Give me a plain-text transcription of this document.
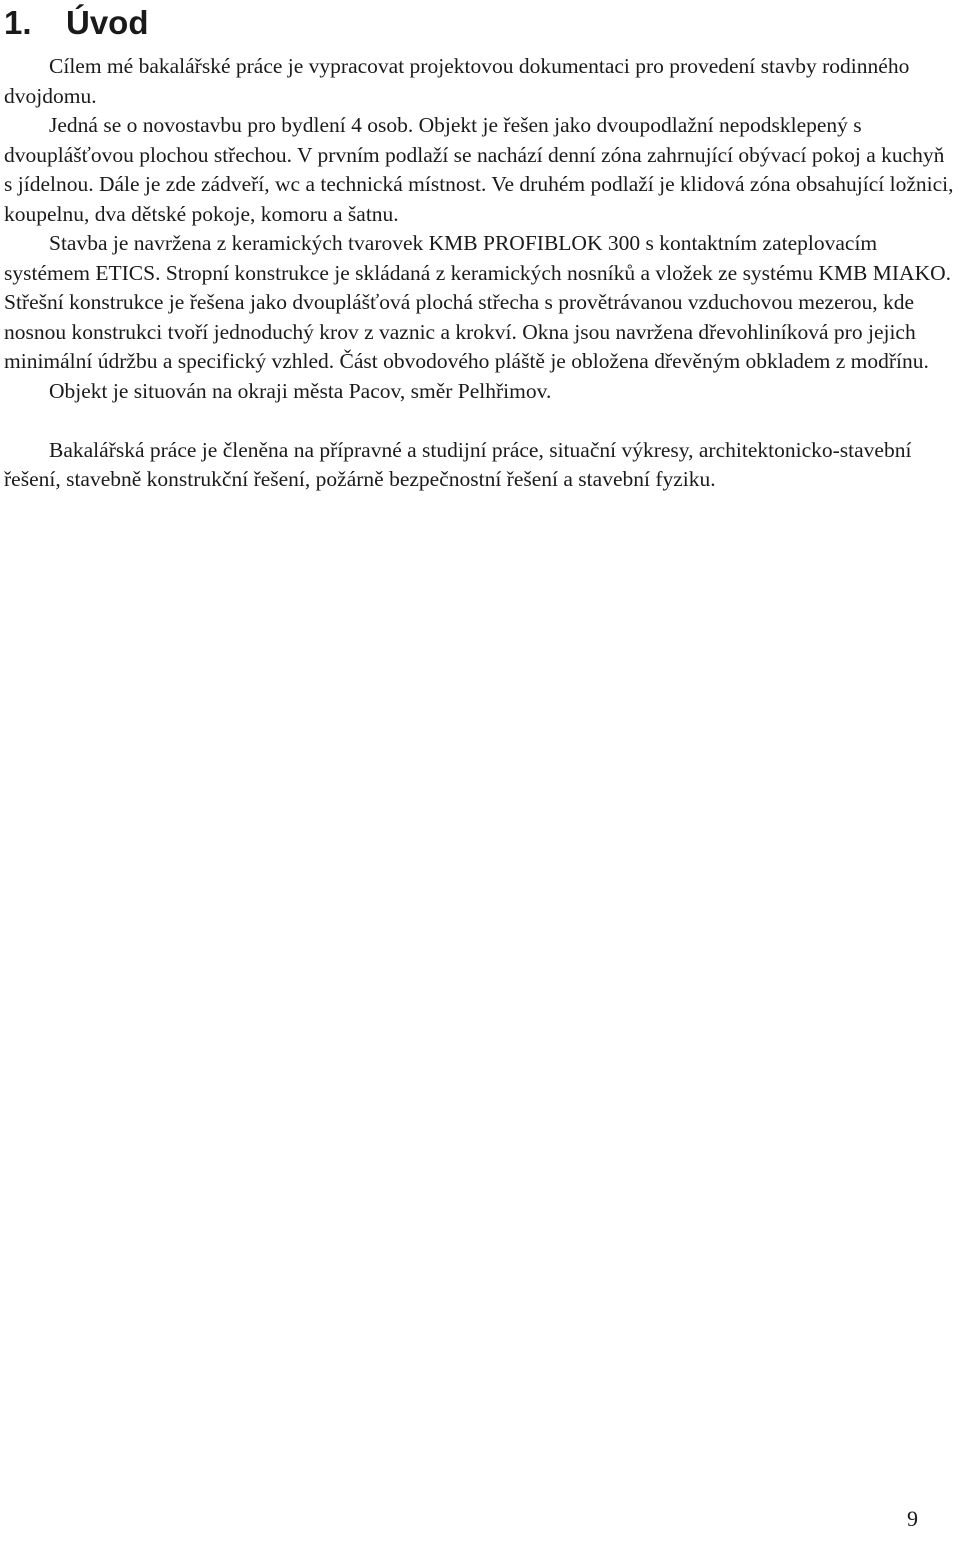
1. Úvod

Cílem mé bakalářské práce je vypracovat projektovou dokumentaci pro provedení stavby rodinného dvojdomu.

Jedná se o novostavbu pro bydlení 4 osob. Objekt je řešen jako dvoupodlažní nepodsklepený s dvouplášťovou plochou střechou. V prvním podlaží se nachází denní zóna zahrnující obývací pokoj a kuchyň s jídelnou. Dále je zde zádveří, wc a technická místnost. Ve druhém podlaží je klidová zóna obsahující ložnici, koupelnu, dva dětské pokoje, komoru a šatnu.

Stavba je navržena z keramických tvarovek KMB PROFIBLOK 300 s kontaktním zateplovacím systémem ETICS. Stropní konstrukce je skládaná z keramických nosníků a vložek ze systému KMB MIAKO. Střešní konstrukce je řešena jako dvouplášťová plochá střecha s provětrávanou vzduchovou mezerou, kde nosnou konstrukci tvoří jednoduchý krov z vaznic a krokví. Okna jsou navržena dřevohliníková pro jejich minimální údržbu a specifický vzhled. Část obvodového pláště je obložena dřevěným obkladem z modřínu.

Objekt je situován na okraji města Pacov, směr Pelhřimov.

Bakalářská práce je členěna na přípravné a studijní práce, situační výkresy, architektonicko-stavební řešení, stavebně konstrukční řešení, požárně bezpečnostní řešení a stavební fyziku.

9
